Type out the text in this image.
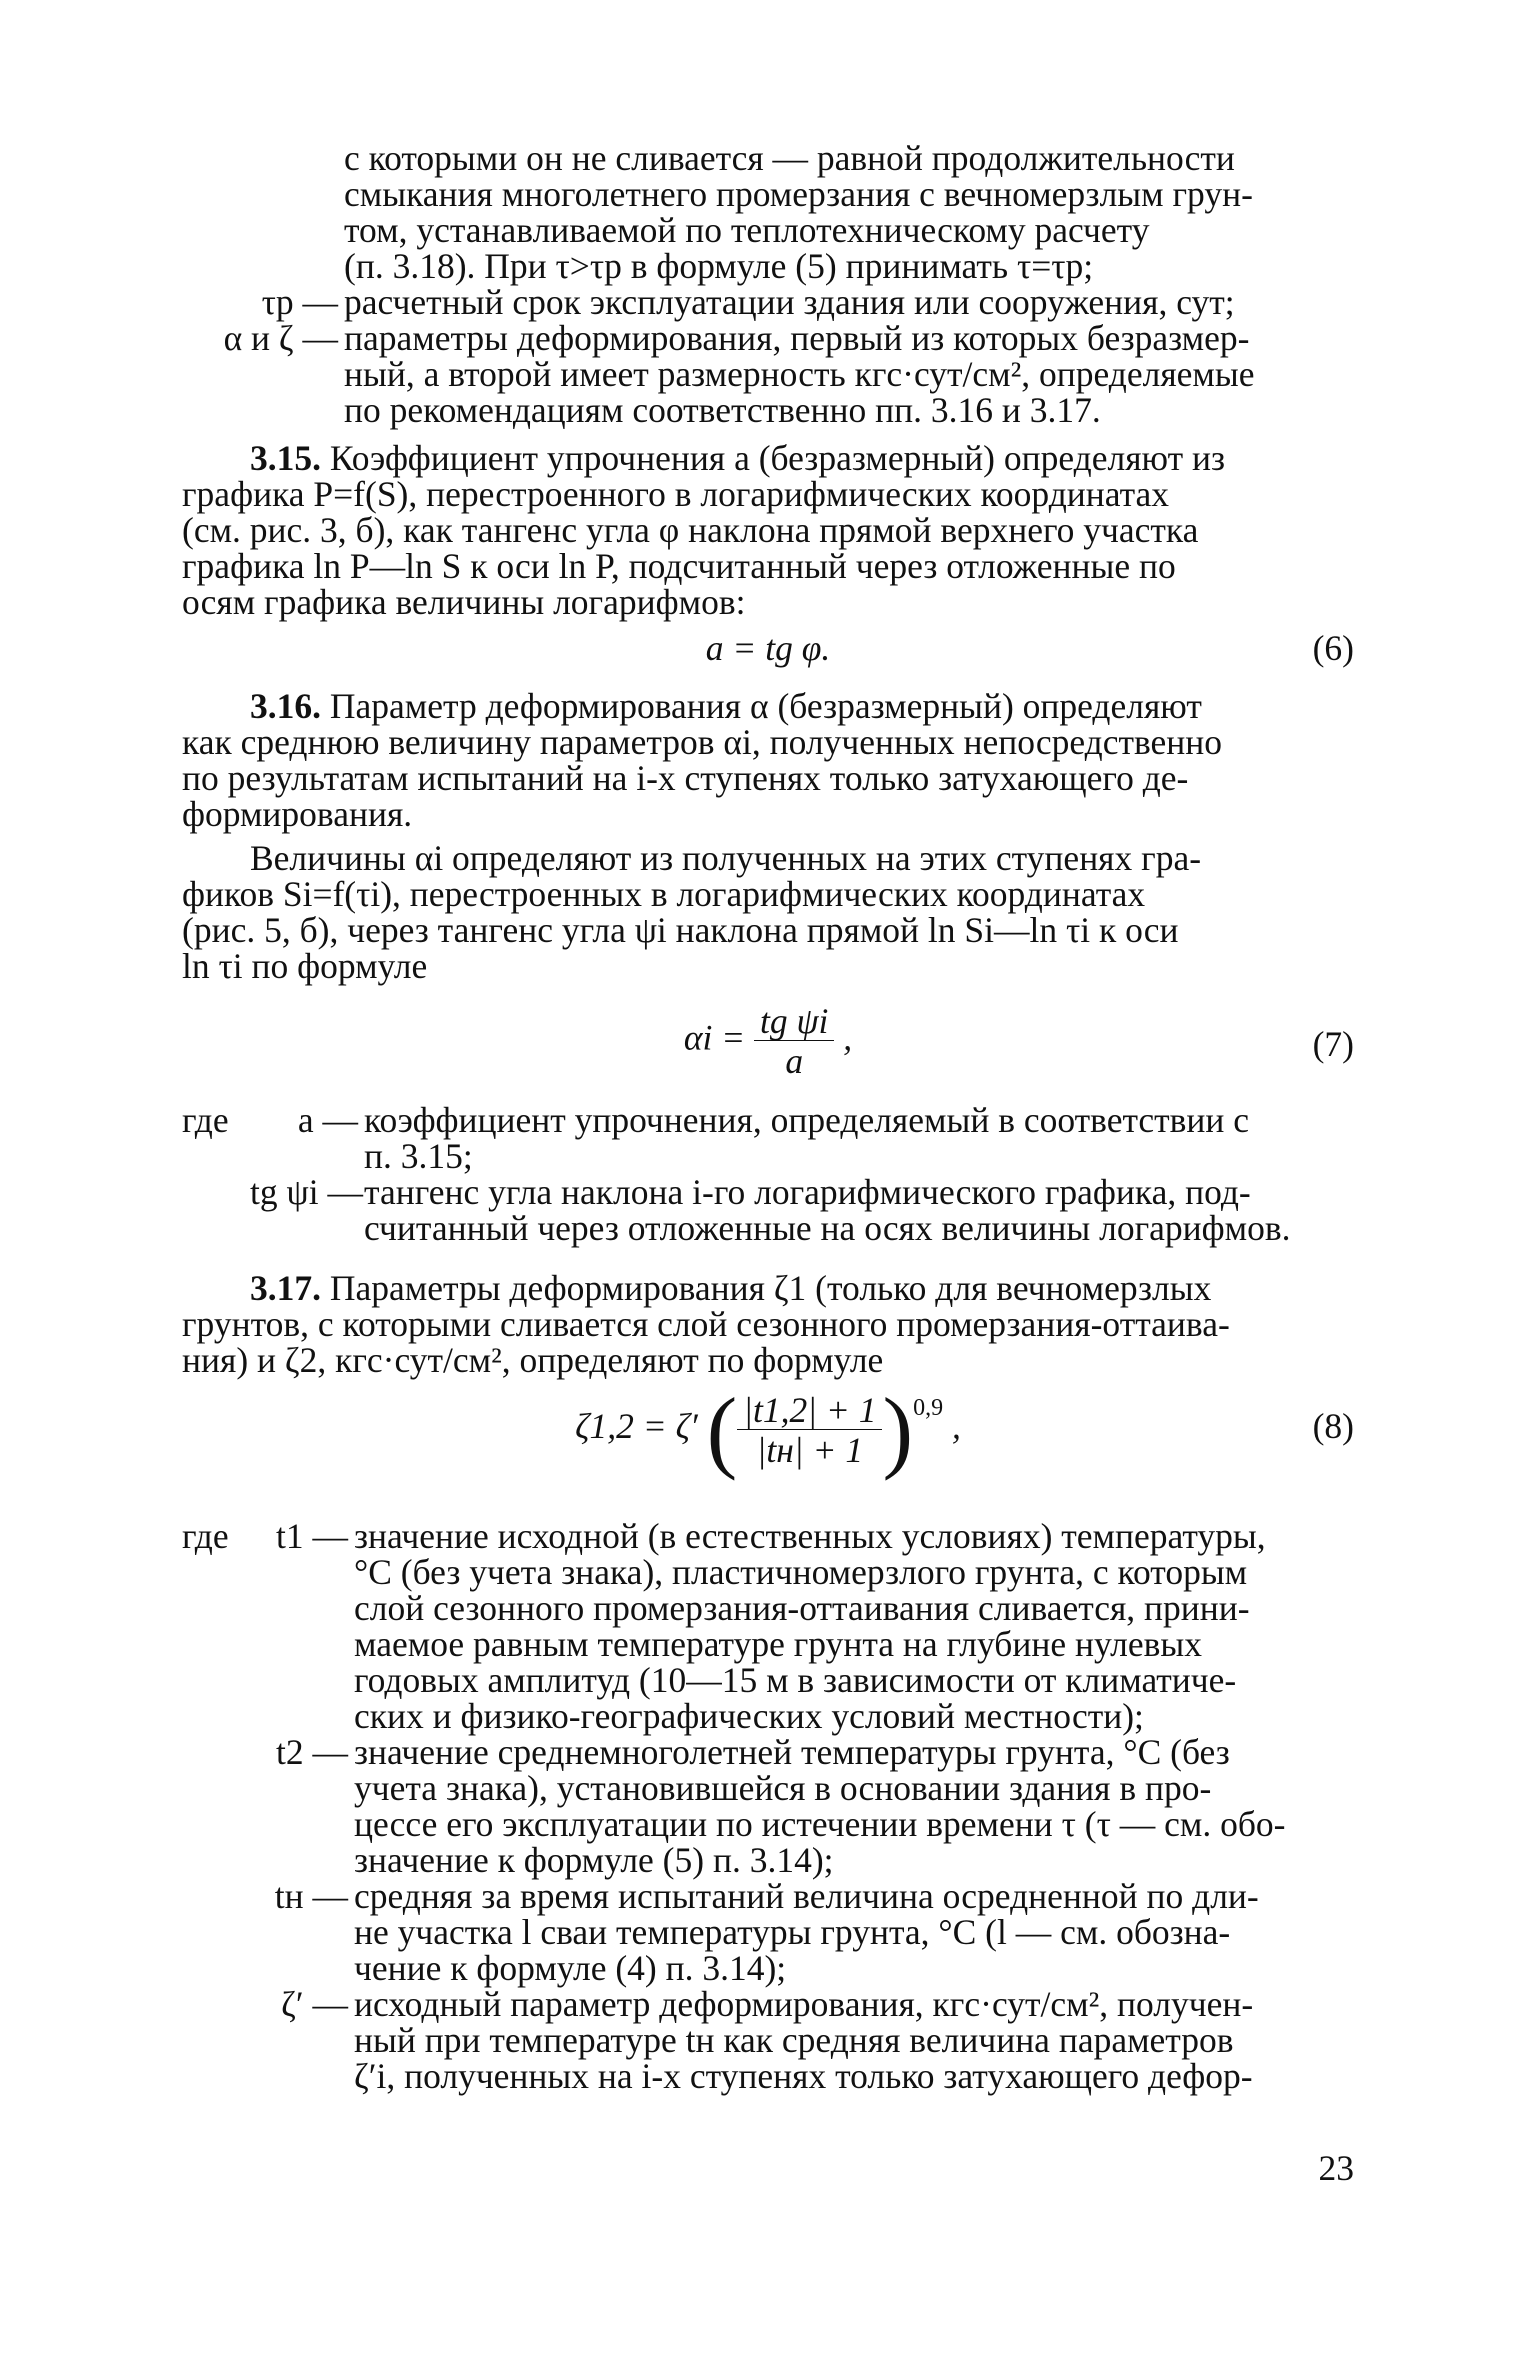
с которыми он не сливается — равной продолжительности
смыкания многолетнего промерзания с вечномерзлым грун-
том, устанавливаемой по теплотехническому расчету
(п. 3.18). При τ>τр в формуле (5) принимать τ=τр;

τр — расчетный срок эксплуатации здания или сооружения, сут;
α и ζ — параметры деформирования, первый из которых безразмер-
ный, а второй имеет размерность кгс·сут/см², определяемые
по рекомендациям соответственно пп. 3.16 и 3.17.

3.15. Коэффициент упрочнения a (безразмерный) определяют из
графика P=f(S), перестроенного в логарифмических координатах
(см. рис. 3, б), как тангенс угла φ наклона прямой верхнего участка
графика ln P—ln S к оси ln P, подсчитанный через отложенные по
осям графика величины логарифмов:

a = tg φ.	(6)

3.16. Параметр деформирования α (безразмерный) определяют
как среднюю величину параметров αi, полученных непосредственно
по результатам испытаний на i-х ступенях только затухающего де-
формирования.

Величины αi определяют из полученных на этих ступенях гра-
фиков Si=f(τi), перестроенных в логарифмических координатах
(рис. 5, б), через тангенс угла ψi наклона прямой ln Si—ln τi к оси
ln τi по формуле

$\alpha i = \frac{\text{tg ψi}}{a}$ ,	(7)
где	a — коэффициент упрочнения, определяемый в соответствии с
п. 3.15;
tg ψi — тангенс угла наклона i-го логарифмического графика, под-
считанный через отложенные на осях величины логарифмов.

3.17. Параметры деформирования ζ1 (только для вечномерзлых
грунтов, с которыми сливается слой сезонного промерзания-оттаива-
ния) и ζ2, кгс·сут/см², определяют по формуле

ζ1,2 = ζ′ ( $\frac{|t1,2| + 1}{|tн| + 1}$ ) 0,9 ,	(8)
где	t1 — значение исходной (в естественных условиях) температуры,
°С (без учета знака), пластичномерзлого грунта, с которым
слой сезонного промерзания-оттаивания сливается, прини-
маемое равным температуре грунта на глубине нулевых
годовых амплитуд (10—15 м в зависимости от климатиче-
ских и физико-географических условий местности);
t2 — значение среднемноголетней температуры грунта, °С (без
учета знака), установившейся в основании здания в про-
цессе его эксплуатации по истечении времени τ (τ — см. обо-
значение к формуле (5) п. 3.14);
tн — средняя за время испытаний величина осредненной по дли-
не участка l сваи температуры грунта, °С (l — см. обозна-
чение к формуле (4) п. 3.14);
ζ′ — исходный параметр деформирования, кгс·сут/см², получен-
ный при температуре tн как средняя величина параметров
ζ′i, полученных на i-х ступенях только затухающего дефор-
23
